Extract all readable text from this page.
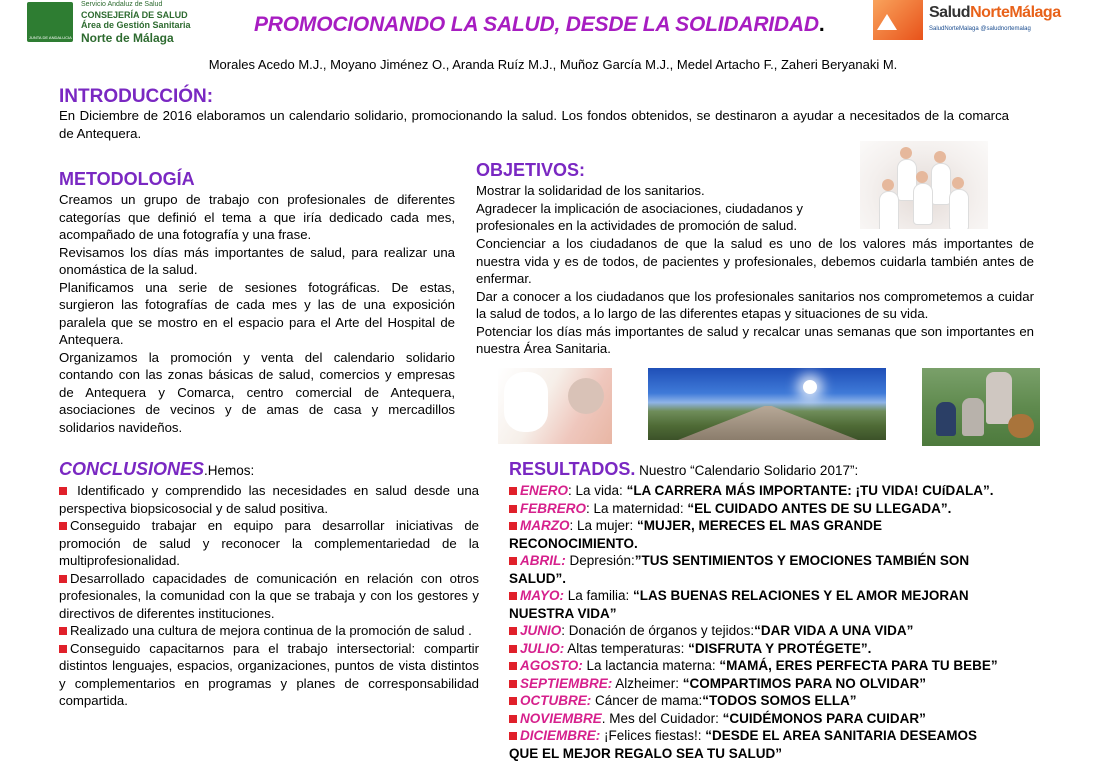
JUNTA DE ANDALUCIA
Servicio Andaluz de Salud
CONSEJERÍA DE SALUD
Área de Gestión Sanitaria
Norte de Málaga
PROMOCIONANDO LA SALUD, DESDE LA SOLIDARIDAD.
SaludNorteMálaga
SaludNorteMalaga @saludnortemalag
Morales Acedo M.J., Moyano Jiménez O., Aranda Ruíz M.J., Muñoz García M.J., Medel Artacho F., Zaheri Beryanaki M.
INTRODUCCIÓN:
En Diciembre de 2016 elaboramos un calendario solidario, promocionando la salud. Los fondos obtenidos, se destinaron a ayudar a necesitados de la comarca de Antequera.
METODOLOGÍA

Creamos un grupo de trabajo con profesionales de diferentes categorías que definió el tema a que iría dedicado cada mes, acompañado de una fotografía y una frase.

Revisamos los días más importantes de salud, para realizar una onomástica de la salud.

Planificamos una serie de sesiones fotográficas. De estas, surgieron las fotografías de cada mes y las de una exposición paralela que se mostro en el espacio para el Arte del Hospital de Antequera.

Organizamos la promoción y venta del calendario solidario contando con las zonas básicas de salud, comercios y empresas de Antequera y Comarca, centro comercial de Antequera, asociaciones de vecinos y de amas de casa y mercadillos solidarios navideños.

CONCLUSIONES.Hemos:

Identificado y comprendido las necesidades en salud desde una perspectiva biopsicosocial y de salud positiva.

Conseguido trabajar en equipo para desarrollar iniciativas de promoción de salud y reconocer la complementariedad de la multiprofesionalidad.

Desarrollado capacidades de comunicación en relación con otros profesionales, la comunidad con la que se trabaja y con los gestores y directivos de diferentes instituciones.

Realizado una cultura de mejora continua de la promoción de salud .

Conseguido capacitarnos para el trabajo intersectorial: compartir distintos lenguajes, espacios, organizaciones, puntos de vista distintos y complementarios en programas y planes de corresponsabilidad compartida.

OBJETIVOS:

Mostrar la solidaridad de los sanitarios.

Agradecer la implicación de asociaciones, ciudadanos y profesionales en la actividades de promoción de salud.

Concienciar a los ciudadanos de que la salud es uno de los valores más importantes de nuestra vida y es de todos, de pacientes y profesionales, debemos cuidarla también antes de enfermar.

Dar a conocer a los ciudadanos que los profesionales sanitarios nos comprometemos a cuidar la salud de todos, a lo largo de las diferentes etapas y situaciones de su vida.

Potenciar los días más importantes de salud y recalcar unas semanas que son importantes en nuestra Área Sanitaria.

RESULTADOS. Nuestro “Calendario Solidario 2017”:
ENERO: La vida: “LA CARRERA MÁS IMPORTANTE: ¡TU VIDA! CUíDALA”.
FEBRERO: La maternidad: “EL CUIDADO ANTES DE SU LLEGADA”.
MARZO: La mujer: “MUJER, MERECES EL MAS GRANDE
RECONOCIMIENTO.
ABRIL: Depresión:”TUS SENTIMIENTOS Y EMOCIONES TAMBIÉN SON
SALUD”.
MAYO: La familia: “LAS BUENAS RELACIONES Y EL AMOR MEJORAN
NUESTRA VIDA”
JUNIO: Donación de órganos y tejidos:“DAR VIDA A UNA VIDA”
JULIO: Altas temperaturas: “DISFRUTA Y PROTÉGETE”.
AGOSTO: La lactancia materna: “MAMÁ, ERES PERFECTA PARA TU BEBE”
SEPTIEMBRE: Alzheimer: “COMPARTIMOS PARA NO OLVIDAR”
OCTUBRE: Cáncer de mama:“TODOS SOMOS ELLA”
NOVIEMBRE. Mes del Cuidador: “CUIDÉMONOS PARA CUIDAR”
DICIEMBRE: ¡Felices fiestas!: “DESDE EL AREA SANITARIA DESEAMOS
QUE EL MEJOR REGALO SEA TU SALUD”
